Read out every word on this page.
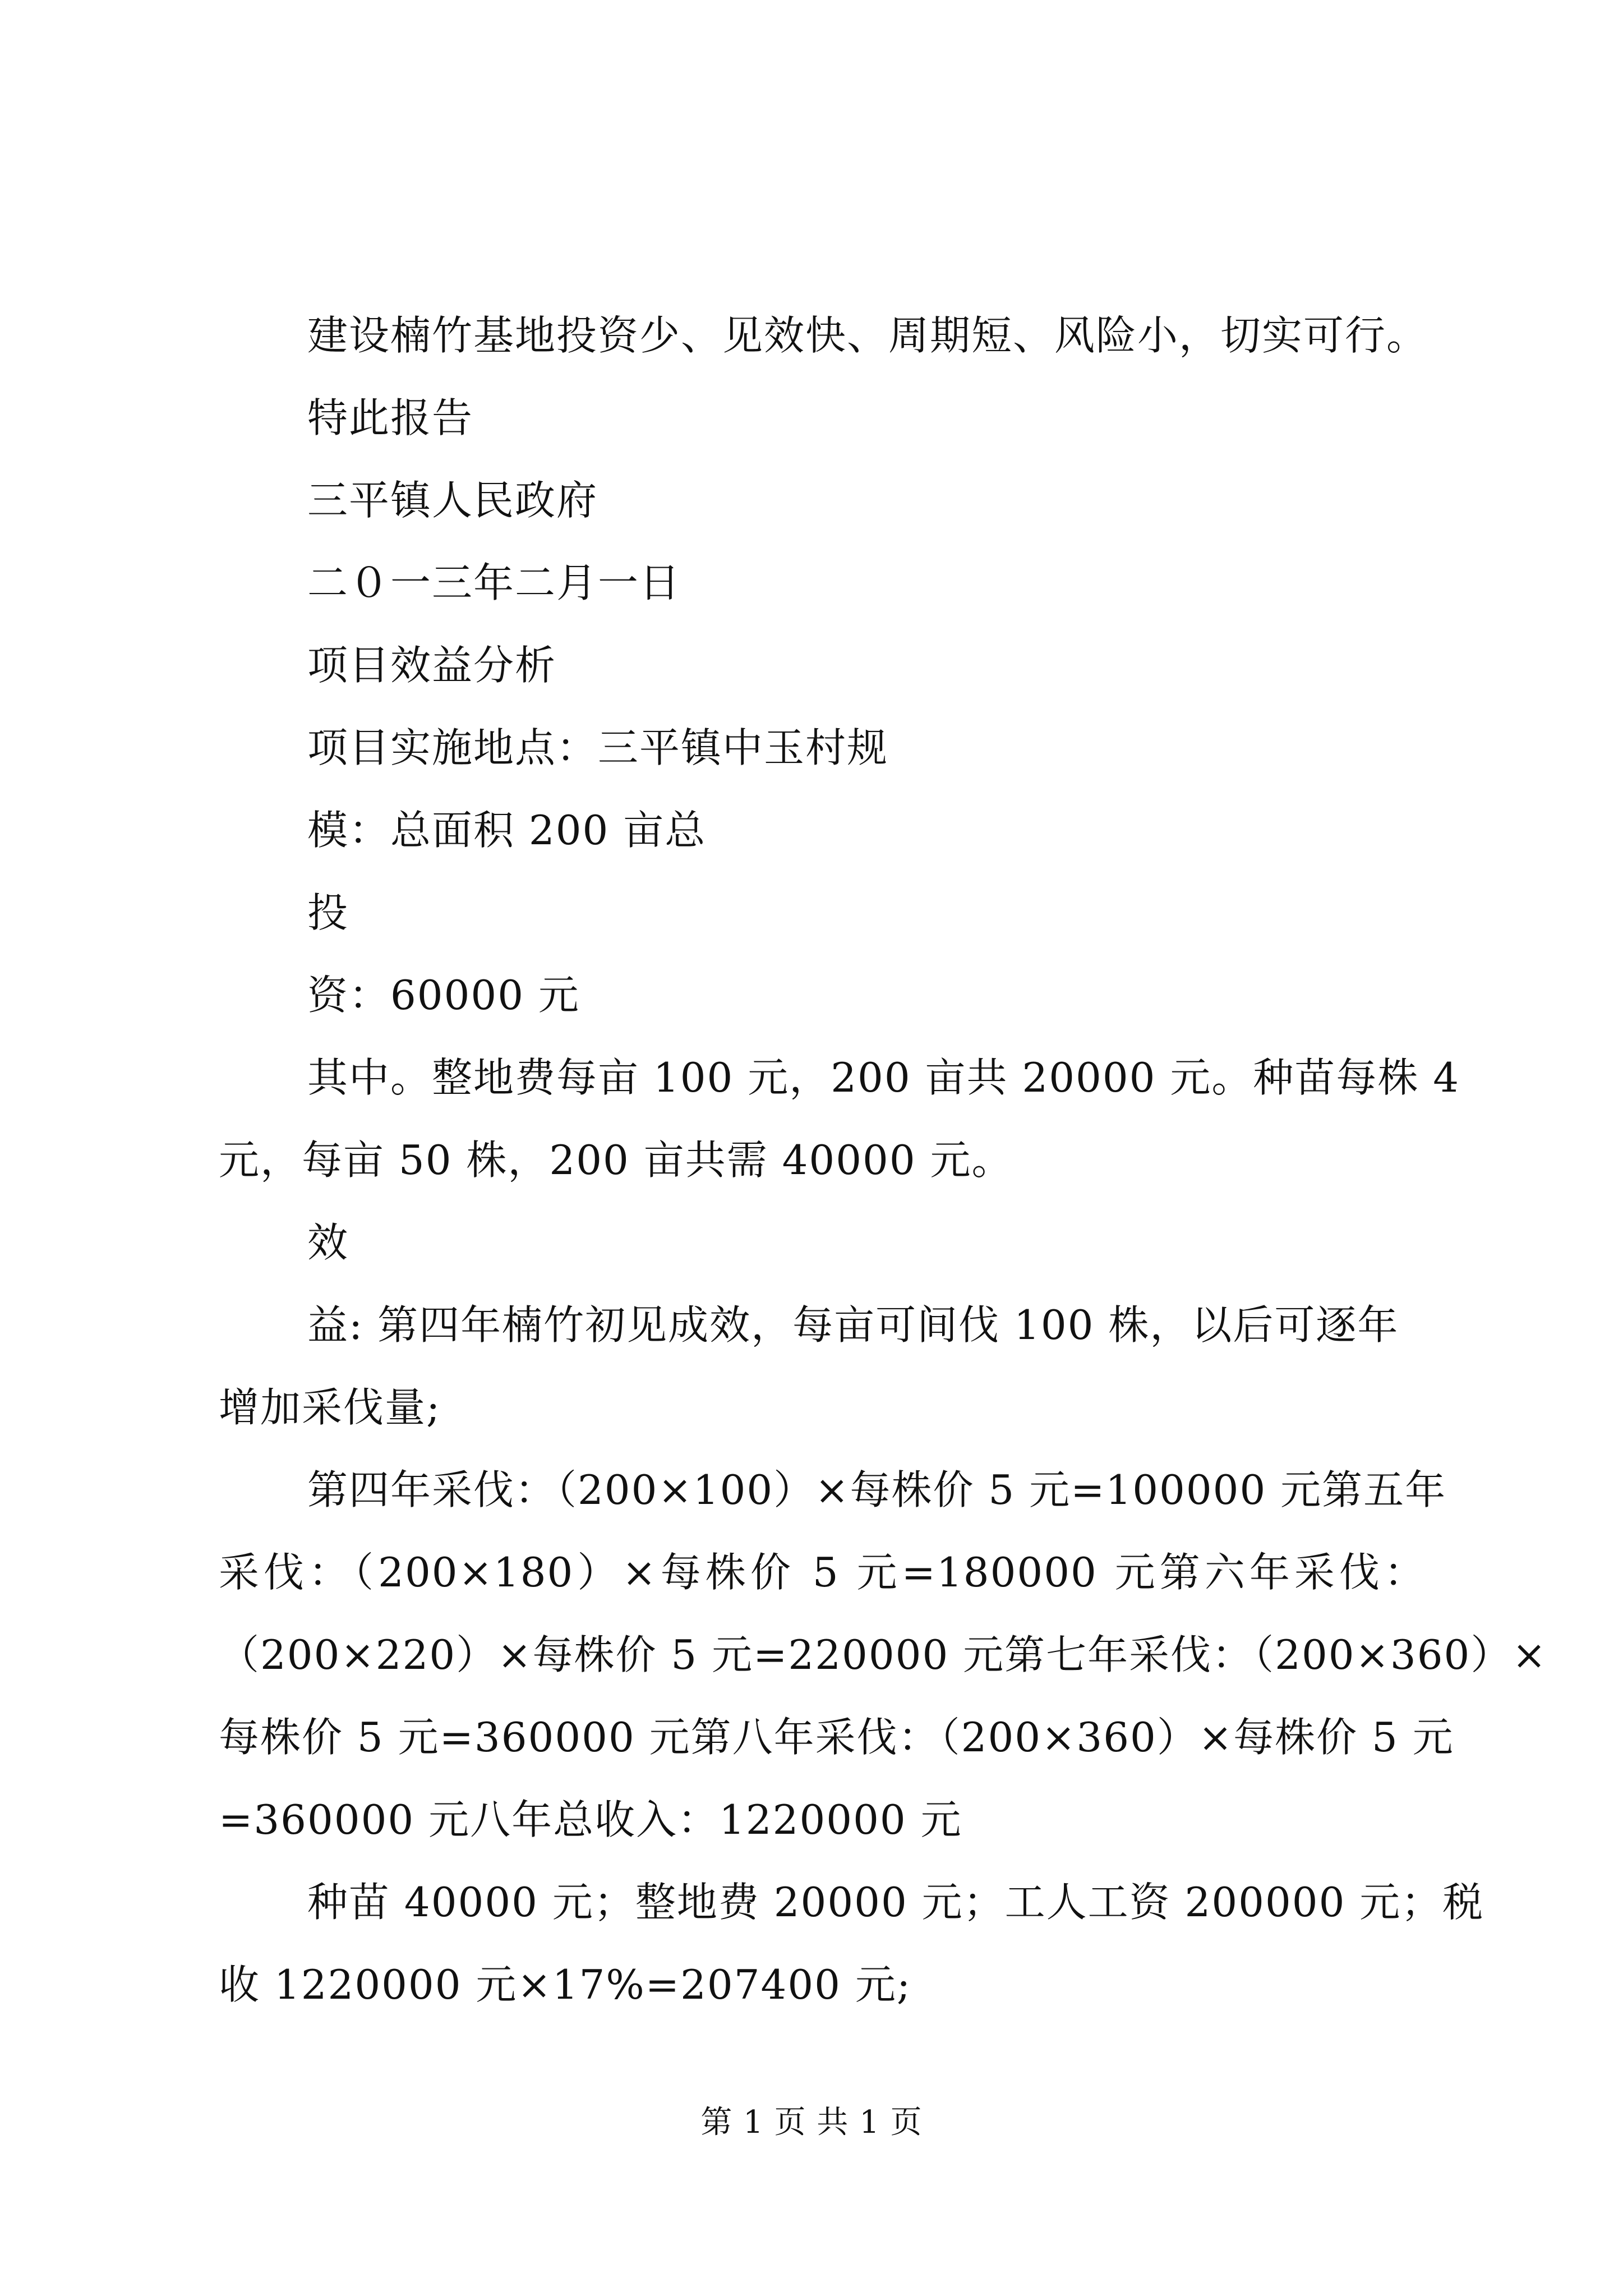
建设楠竹基地投资少、见效快、周期短、风险小，切实可行。
特此报告
三平镇人民政府
二０一三年二月一日
项目效益分析
项目实施地点：三平镇中玉村规
模：总面积 200 亩总
投
资：60000 元
其中。整地费每亩 100 元，200 亩共 20000 元。种苗每株 4
元，每亩 50 株，200 亩共需 40000 元。
效
益: 第四年楠竹初见成效，每亩可间伐 100 株，以后可逐年
增加采伐量;
第四年采伐：（200×100）×每株价 5 元=100000 元第五年
采伐：（200×180）×每株价 5 元=180000 元第六年采伐：
（200×220）×每株价 5 元=220000 元第七年采伐：（200×360）×
每株价 5 元=360000 元第八年采伐：（200×360）×每株价 5 元
=360000 元八年总收入：1220000 元
种苗 40000 元；整地费 20000 元；工人工资 200000 元；税
收 1220000 元×17%=207400 元;
第 1 页 共 1 页
